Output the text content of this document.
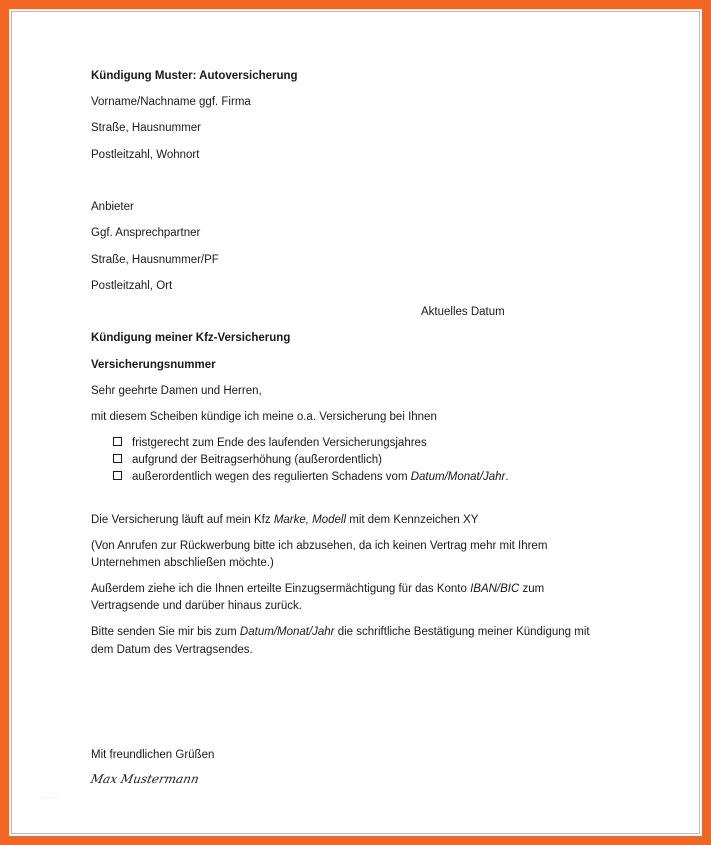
Kündigung Muster: Autoversicherung
Vorname/Nachname ggf. Firma
Straße, Hausnummer
Postleitzahl, Wohnort
Anbieter
Ggf. Ansprechpartner
Straße, Hausnummer/PF
Postleitzahl, Ort
Aktuelles Datum
Kündigung meiner Kfz-Versicherung
Versicherungsnummer
Sehr geehrte Damen und Herren,
mit diesem Scheiben kündige ich meine o.a. Versicherung bei Ihnen
fristgerecht zum Ende des laufenden Versicherungsjahres
aufgrund der Beitragserhöhung (außerordentlich)
außerordentlich wegen des regulierten Schadens vom Datum/Monat/Jahr.
Die Versicherung läuft auf mein Kfz Marke, Modell mit dem Kennzeichen XY
(Von Anrufen zur Rückwerbung bitte ich abzusehen, da ich keinen Vertrag mehr mit Ihrem
Unternehmen abschließen möchte.)
Außerdem ziehe ich die Ihnen erteilte Einzugsermächtigung für das Konto IBAN/BIC zum
Vertragsende und darüber hinaus zurück.
Bitte senden Sie mir bis zum Datum/Monat/Jahr die schriftliche Bestätigung meiner Kündigung mit
dem Datum des Vertragsendes.
Mit freundlichen Grüßen
Max Mustermann
·····
